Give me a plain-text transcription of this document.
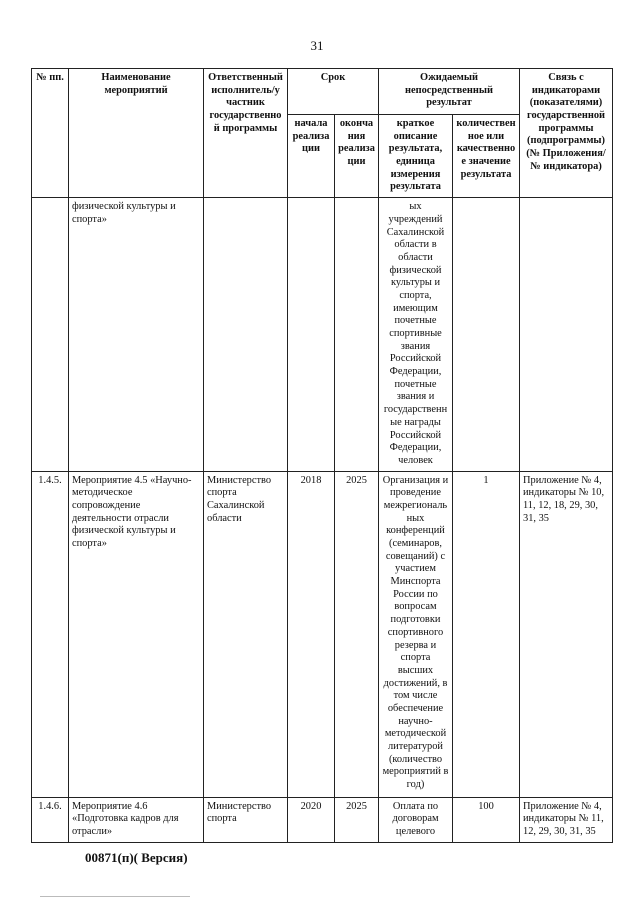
31
№ пп.	Наименование мероприятий	Ответственный исполнитель/у частник государственно й программы	Срок		Ожидаемый непосредственный результат		Связь с индикаторами (показателями) государственной программы (подпрограммы) (№ Приложения/№ индикатора)
			начала реализа ции	оконча ния реализа ции	краткое описание результата, единица измерения результата	количествен ное или качественно е значение результата	
	физической культуры и спорта»				ых учреждений Сахалинской области в области физической культуры и спорта, имеющим почетные спортивные звания Российской Федерации, почетные звания и государственн ые награды Российской Федерации, человек		
1.4.5.	Мероприятие 4.5 «Научно-методическое сопровождение деятельности отрасли физической культуры и спорта»	Министерство спорта Сахалинской области	2018	2025	Организация и проведение межрегиональ ных конференций (семинаров, совещаний) с участием Минспорта России по вопросам подготовки спортивного резерва и спорта высших достижений, в том числе обеспечение научно-методической литературой (количество мероприятий в год)	1	Приложение № 4, индикаторы № 10, 11, 12, 18, 29, 30, 31, 35
1.4.6.	Мероприятие 4.6 «Подготовка кадров для отрасли»	Министерство спорта	2020	2025	Оплата по договорам целевого	100	Приложение № 4, индикаторы № 11, 12, 29, 30, 31, 35
00871(п)( Версия)
